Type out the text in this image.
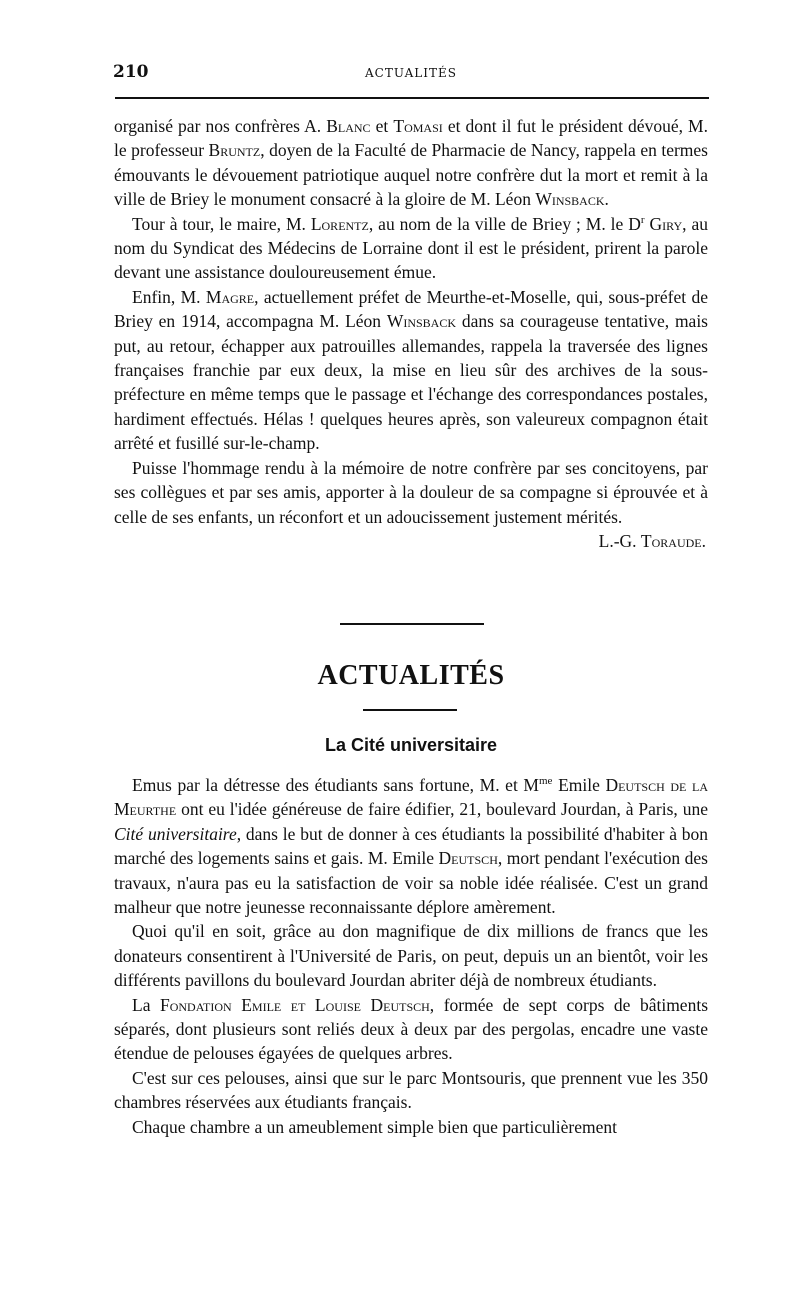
210	ACTUALITÉS

organisé par nos confrères A. Blanc et Tomasi et dont il fut le président dévoué, M. le professeur Bruntz, doyen de la Faculté de Pharmacie de Nancy, rappela en termes émouvants le dévouement patriotique auquel notre confrère dut la mort et remit à la ville de Briey le monument consacré à la gloire de M. Léon Winsback.

Tour à tour, le maire, M. Lorentz, au nom de la ville de Briey ; M. le $D^r$ Giry, au nom du Syndicat des Médecins de Lorraine dont il est le président, prirent la parole devant une assistance douloureusement émue.

Enfin, M. Magre, actuellement préfet de Meurthe-et-Moselle, qui, sous-préfet de Briey en 1914, accompagna M. Léon Winsback dans sa courageuse tentative, mais put, au retour, échapper aux patrouilles allemandes, rappela la traversée des lignes françaises franchie par eux deux, la mise en lieu sûr des archives de la sous-préfecture en même temps que le passage et l'échange des correspondances postales, hardiment effectués. Hélas ! quelques heures après, son valeureux compagnon était arrêté et fusillé sur-le-champ.

Puisse l'hommage rendu à la mémoire de notre confrère par ses concitoyens, par ses collègues et par ses amis, apporter à la douleur de sa compagne si éprouvée et à celle de ses enfants, un réconfort et un adoucissement justement mérités.
L.-G. Toraude.

ACTUALITÉS
La Cité universitaire

Emus par la détresse des étudiants sans fortune, M. et $M^{me}$ Emile Deutsch de la Meurthe ont eu l'idée généreuse de faire édifier, 21, boulevard Jourdan, à Paris, une Cité universitaire, dans le but de donner à ces étudiants la possibilité d'habiter à bon marché des logements sains et gais. M. Emile Deutsch, mort pendant l'exécution des travaux, n'aura pas eu la satisfaction de voir sa noble idée réalisée. C'est un grand malheur que notre jeunesse reconnaissante déplore amèrement.

Quoi qu'il en soit, grâce au don magnifique de dix millions de francs que les donateurs consentirent à l'Université de Paris, on peut, depuis un an bientôt, voir les différents pavillons du boulevard Jourdan abriter déjà de nombreux étudiants.

La Fondation Emile et Louise Deutsch, formée de sept corps de bâtiments séparés, dont plusieurs sont reliés deux à deux par des pergolas, encadre une vaste étendue de pelouses égayées de quelques arbres.

C'est sur ces pelouses, ainsi que sur le parc Montsouris, que prennent vue les 350 chambres réservées aux étudiants français.

Chaque chambre a un ameublement simple bien que particulièrement
